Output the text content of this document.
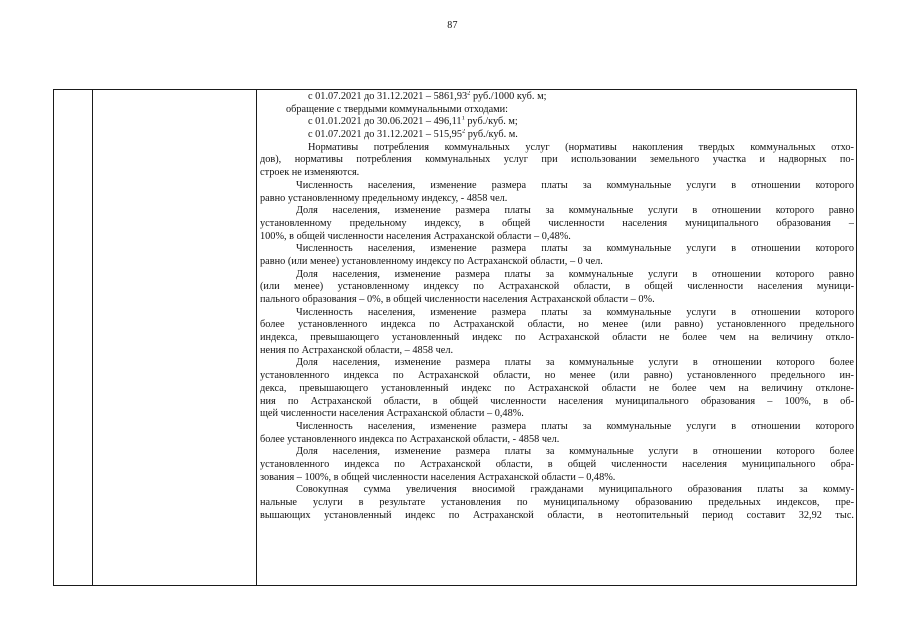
87
с 01.07.2021 до 31.12.2021 – 5861,93$^2$ руб./1000 куб. м;
обращение с твердыми коммунальными отходами:
с 01.01.2021 до 30.06.2021 – 496,11$^1$ руб./куб. м;
с 01.07.2021 до 31.12.2021 – 515,95$^2$ руб./куб. м.
Нормативы потребления коммунальных услуг (нормативы накопления твердых коммунальных отхо-
дов), нормативы потребления коммунальных услуг при использовании земельного участка и надворных по-
строек не изменяются.
Численность населения, изменение размера платы за коммунальные услуги в отношении которого
равно установленному предельному индексу, - 4858 чел.
Доля населения, изменение размера платы за коммунальные услуги в отношении которого равно
установленному предельному индексу, в общей численности населения муниципального образования –
100%, в общей численности населения Астраханской области – 0,48%.
Численность населения, изменение размера платы за коммунальные услуги в отношении которого
равно (или менее) установленному индексу по Астраханской области, – 0 чел.
Доля населения, изменение размера платы за коммунальные услуги в отношении которого равно
(или менее) установленному индексу по Астраханской области, в общей численности населения муници-
пального образования – 0%, в общей численности населения Астраханской области – 0%.
Численность населения, изменение размера платы за коммунальные услуги в отношении которого
более установленного индекса по Астраханской области, но менее (или равно) установленного предельного
индекса, превышающего установленный индекс по Астраханской области не более чем на величину откло-
нения по Астраханской области, – 4858 чел.
Доля населения, изменение размера платы за коммунальные услуги в отношении которого более
установленного индекса по Астраханской области, но менее (или равно) установленного предельного ин-
декса, превышающего установленный индекс по Астраханской области не более чем на величину отклоне-
ния по Астраханской области, в общей численности населения муниципального образования – 100%, в об-
щей численности населения Астраханской области – 0,48%.
Численность населения, изменение размера платы за коммунальные услуги в отношении которого
более установленного индекса по Астраханской области, - 4858 чел.
Доля населения, изменение размера платы за коммунальные услуги в отношении которого более
установленного индекса по Астраханской области, в общей численности населения муниципального обра-
зования – 100%, в общей численности населения Астраханской области – 0,48%.
Совокупная сумма увеличения вносимой гражданами муниципального образования платы за комму-
нальные услуги в результате установления по муниципальному образованию предельных индексов, пре-
вышающих установленный индекс по Астраханской области, в неотопительный период составит 32,92 тыс.
